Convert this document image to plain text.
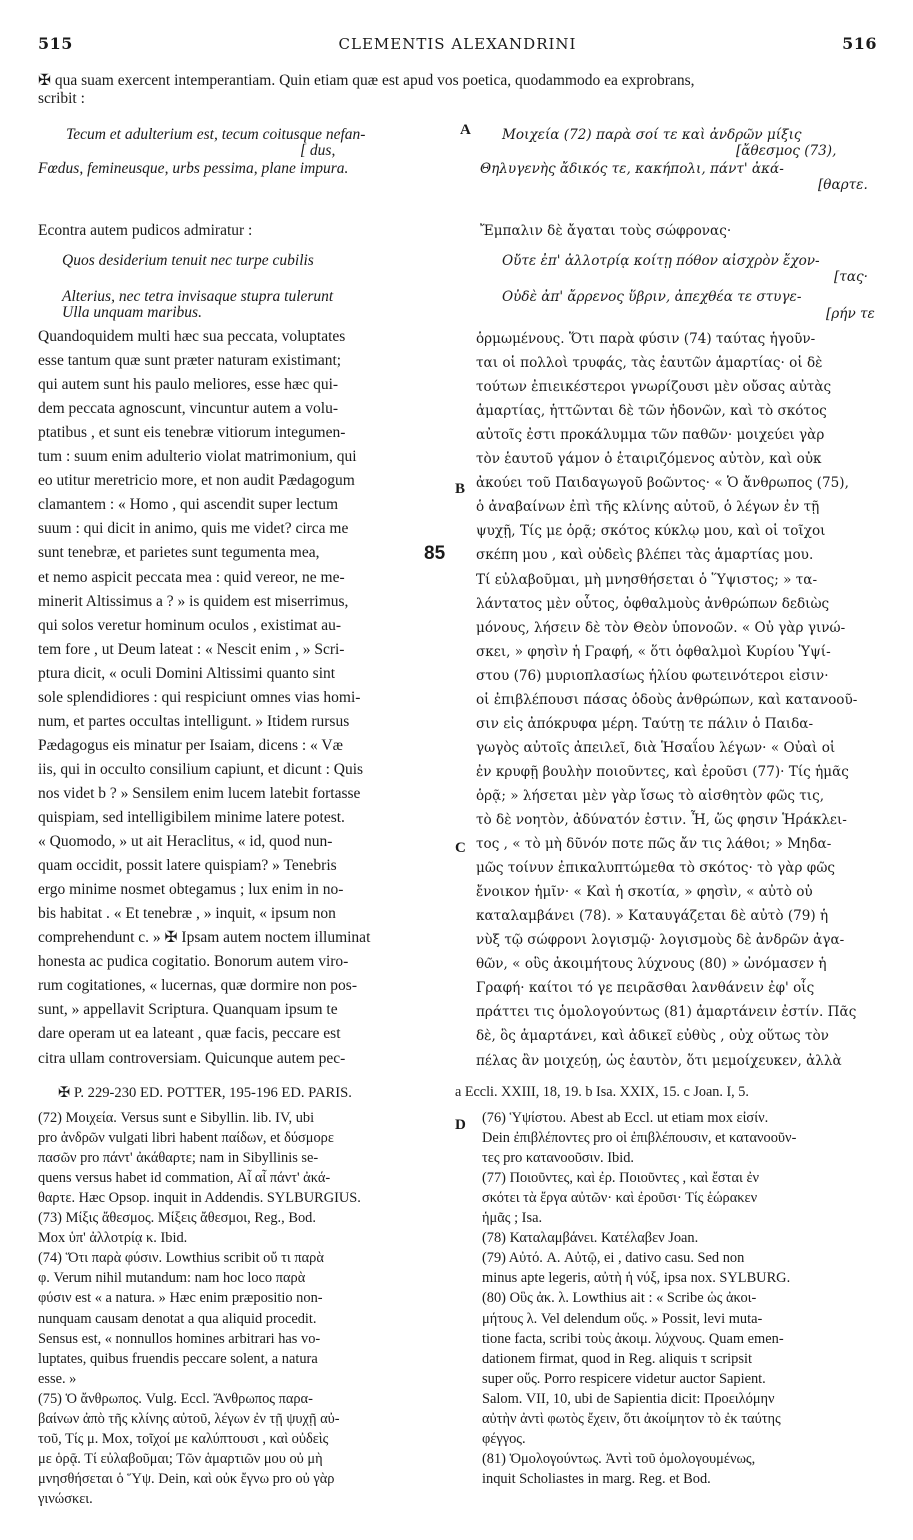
515	CLEMENTIS ALEXANDRINI	516
✠ qua suam exercent intemperantiam. Quin etiam quæ est apud vos poetica, quodammodo ea exprobrans,
scribit :
Tecum et adulterium est, tecum coitusque nefan-
[ dus,
Fœdus, femineusque, urbs pessima, plane impura.
A Μοιχεία (72) παρὰ σοί τε καὶ ἀνδρῶν μίξις
[ἄθεσμος (73),
Θηλυγενὴς ἄδικός τε, κακήπολι, πάντ' ἀκά-
[θαρτε.
Econtra autem pudicos admiratur :	Ἔμπαλιν δὲ ἄγαται τοὺς σώφρονας·
Quos desiderium tenuit nec turpe cubilis
Alterius, nec tetra invisaque stupra tulerunt
Ulla unquam maribus.
Οὔτε ἐπ' ἀλλοτρίᾳ κοίτῃ πόθον αἰσχρὸν ἔχον-
[τας·
Οὐδὲ ἀπ' ἄρρενος ὕβριν, ἀπεχθέα τε στυγε-
[ρήν τε
Quandoquidem multi hæc sua peccata, voluptates
esse tantum quæ sunt præter naturam existimant;
qui autem sunt his paulo meliores, esse hæc qui-
dem peccata agnoscunt, vincuntur autem a volu-
ptatibus , et sunt eis tenebræ vitiorum integumen-
tum : suum enim adulterio violat matrimonium, qui
eo utitur meretricio more, et non audit Pædagogum
clamantem : « Homo , qui ascendit super lectum
suum : qui dicit in animo, quis me videt? circa me
sunt tenebræ, et parietes sunt tegumenta mea,
et nemo aspicit peccata mea : quid vereor, ne me-
minerit Altissimus a ? » is quidem est miserrimus,
qui solos veretur hominum oculos , existimat au-
tem fore , ut Deum lateat : « Nescit enim , » Scri-
ptura dicit, « oculi Domini Altissimi quanto sint
sole splendidiores : qui respiciunt omnes vias homi-
num, et partes occultas intelligunt. » Itidem rursus
Pædagogus eis minatur per Isaiam, dicens : « Væ
iis, qui in occulto consilium capiunt, et dicunt : Quis
nos videt b ? » Sensilem enim lucem latebit fortasse
quispiam, sed intelligibilem minime latere potest.
« Quomodo, » ut ait Heraclitus, « id, quod nun-
quam occidit, possit latere quispiam? » Tenebris
ergo minime nosmet obtegamus ; lux enim in no-
bis habitat . « Et tenebræ , » inquit, « ipsum non
comprehendunt c. » ✠ Ipsam autem noctem illuminat
honesta ac pudica cogitatio. Bonorum autem viro-
rum cogitationes, « lucernas, quæ dormire non pos-
sunt, » appellavit Scriptura. Quanquam ipsum te
dare operam ut ea lateant , quæ facis, peccare est
citra ullam controversiam. Quicunque autem pec-
ὁρμωμένους. Ὅτι παρὰ φύσιν (74) ταύτας ἡγοῦν-
ται οἱ πολλοὶ τρυφάς, τὰς ἑαυτῶν ἁμαρτίας· οἱ δὲ
τούτων ἐπιεικέστεροι γνωρίζουσι μὲν οὔσας αὐτὰς
ἁμαρτίας, ἡττῶνται δὲ τῶν ἡδονῶν, καὶ τὸ σκότος
αὐτοῖς ἐστι προκάλυμμα τῶν παθῶν· μοιχεύει γὰρ
τὸν ἑαυτοῦ γάμον ὁ ἑταιριζόμενος αὐτὸν, καὶ οὐκ
ἀκούει τοῦ Παιδαγωγοῦ βοῶντος· « Ὁ ἄνθρωπος (75),
ὁ ἀναβαίνων ἐπὶ τῆς κλίνης αὐτοῦ, ὁ λέγων ἐν τῇ
ψυχῇ, Τίς με ὁρᾷ; σκότος κύκλῳ μου, καὶ οἱ τοῖχοι
σκέπη μου , καὶ οὐδεὶς βλέπει τὰς ἁμαρτίας μου.
Τί εὐλαβοῦμαι, μὴ μνησθήσεται ὁ Ὕψιστος; » τα-
λάντατος μὲν οὗτος, ὀφθαλμοὺς ἀνθρώπων δεδιὼς
μόνους, λήσειν δὲ τὸν Θεὸν ὑπονοῶν. « Οὐ γὰρ γινώ-
σκει, » φησὶν ἡ Γραφή, « ὅτι ὀφθαλμοὶ Κυρίου Ὑψί-
στου (76) μυριοπλασίως ἡλίου φωτεινότεροι εἰσιν·
οἱ ἐπιβλέπουσι πάσας ὁδοὺς ἀνθρώπων, καὶ κατανοοῦ-
σιν εἰς ἀπόκρυφα μέρη. Ταύτῃ τε πάλιν ὁ Παιδα-
γωγὸς αὐτοῖς ἀπειλεῖ, διὰ Ἡσαΐου λέγων· « Οὐαὶ οἱ
ἐν κρυφῇ βουλὴν ποιοῦντες, καὶ ἐροῦσι (77)· Τίς ἡμᾶς
ὁρᾷ; » λήσεται μὲν γὰρ ἴσως τὸ αἰσθητὸν φῶς τις,
τὸ δὲ νοητὸν, ἀδύνατόν ἐστιν. Ἦ, ὥς φησιν Ἡράκλει-
τος , « τὸ μὴ δῦνόν ποτε πῶς ἄν τις λάθοι; » Μηδα-
μῶς τοίνυν ἐπικαλυπτώμεθα τὸ σκότος· τὸ γὰρ φῶς
ἔνοικον ἡμῖν· « Καὶ ἡ σκοτία, » φησὶν, « αὐτὸ οὐ
καταλαμβάνει (78). » Καταυγάζεται δὲ αὐτὸ (79) ἡ
νὺξ τῷ σώφρονι λογισμῷ· λογισμοὺς δὲ ἀνδρῶν ἀγα-
θῶν, « οὓς ἀκοιμήτους λύχνους (80) » ὠνόμασεν ἡ
Γραφή· καίτοι τό γε πειρᾶσθαι λανθάνειν ἐφ' οἷς
πράττει τις ὁμολογούντως (81) ἁμαρτάνειν ἐστίν. Πᾶς
δὲ, ὃς ἁμαρτάνει, καὶ ἀδικεῖ εὐθὺς , οὐχ οὕτως τὸν
πέλας ἂν μοιχεύῃ, ὡς ἑαυτὸν, ὅτι μεμοίχευκεν, ἀλλὰ
B
C
D
85
✠ P. 229-230 ED. POTTER, 195-196 ED. PARIS.	a Eccli. XXIII, 18, 19. b Isa. XXIX, 15. c Joan. I, 5.
(72) Μοιχεία. Versus sunt e Sibyllin. lib. IV, ubi
pro ἀνδρῶν vulgati libri habent παίδων, et δύσμορε
πασῶν pro πάντ' ἀκάθαρτε; nam in Sibyllinis se-
quens versus habet id commation, Αἶ αἶ πάντ' ἀκά-
θαρτε. Hæc Opsop. inquit in Addendis. SYLBURGIUS.
(73) Μίξις ἄθεσμος. Μίξεις ἄθεσμοι, Reg., Bod.
Mox ὑπ' ἀλλοτρίᾳ κ. Ibid.
(74) Ὅτι παρὰ φύσιν. Lowthius scribit οὔ τι παρὰ
φ. Verum nihil mutandum: nam hoc loco παρὰ
φύσιν est « a natura. » Hæc enim præpositio non-
nunquam causam denotat a qua aliquid procedit.
Sensus est, « nonnullos homines arbitrari has vo-
luptates, quibus fruendis peccare solent, a natura
esse. »
(75) Ὁ ἄνθρωπος. Vulg. Eccl. Ἄνθρωπος παρα-
βαίνων ἀπὸ τῆς κλίνης αὐτοῦ, λέγων ἐν τῇ ψυχῇ αὐ-
τοῦ, Τίς μ. Mox, τοῖχοί με καλύπτουσι , καὶ οὐδεὶς
με ὁρᾷ. Τί εὐλαβοῦμαι; Τῶν ἁμαρτιῶν μου οὐ μὴ
μνησθήσεται ὁ Ὕψ. Dein, καὶ οὐκ ἔγνω pro οὐ γὰρ
γινώσκει.
(76) Ὑψίστου. Abest ab Eccl. ut etiam mox εἰσίν.
Dein ἐπιβλέποντες pro οἱ ἐπιβλέπουσιν, et κατανοοῦν-
τες pro κατανοοῦσιν. Ibid.
(77) Ποιοῦντες, καὶ ἐρ. Ποιοῦντες , καὶ ἔσται ἐν
σκότει τὰ ἔργα αὐτῶν· καὶ ἐροῦσι· Τίς ἑώρακεν
ἡμᾶς ; Isa.
(78) Καταλαμβάνει. Κατέλαβεν Joan.
(79) Αὐτό. A. Αὐτῷ, ei , dativo casu. Sed non
minus apte legeris, αὐτὴ ἡ νύξ, ipsa nox. SYLBURG.
(80) Οὓς ἀκ. λ. Lowthius ait : « Scribe ὡς ἀκοι-
μήτους λ. Vel delendum οὕς. » Possit, levi muta-
tione facta, scribi τοὺς ἀκοιμ. λύχνους. Quam emen-
dationem firmat, quod in Reg. aliquis τ scripsit
super οὕς. Porro respicere videtur auctor Sapient.
Salom. VII, 10, ubi de Sapientia dicit: Προειλόμην
αὐτὴν ἀντὶ φωτὸς ἔχειν, ὅτι ἀκοίμητον τὸ ἐκ ταύτης
φέγγος.
(81) Ὁμολογούντως. Ἀντὶ τοῦ ὁμολογουμένως,
inquit Scholiastes in marg. Reg. et Bod.
